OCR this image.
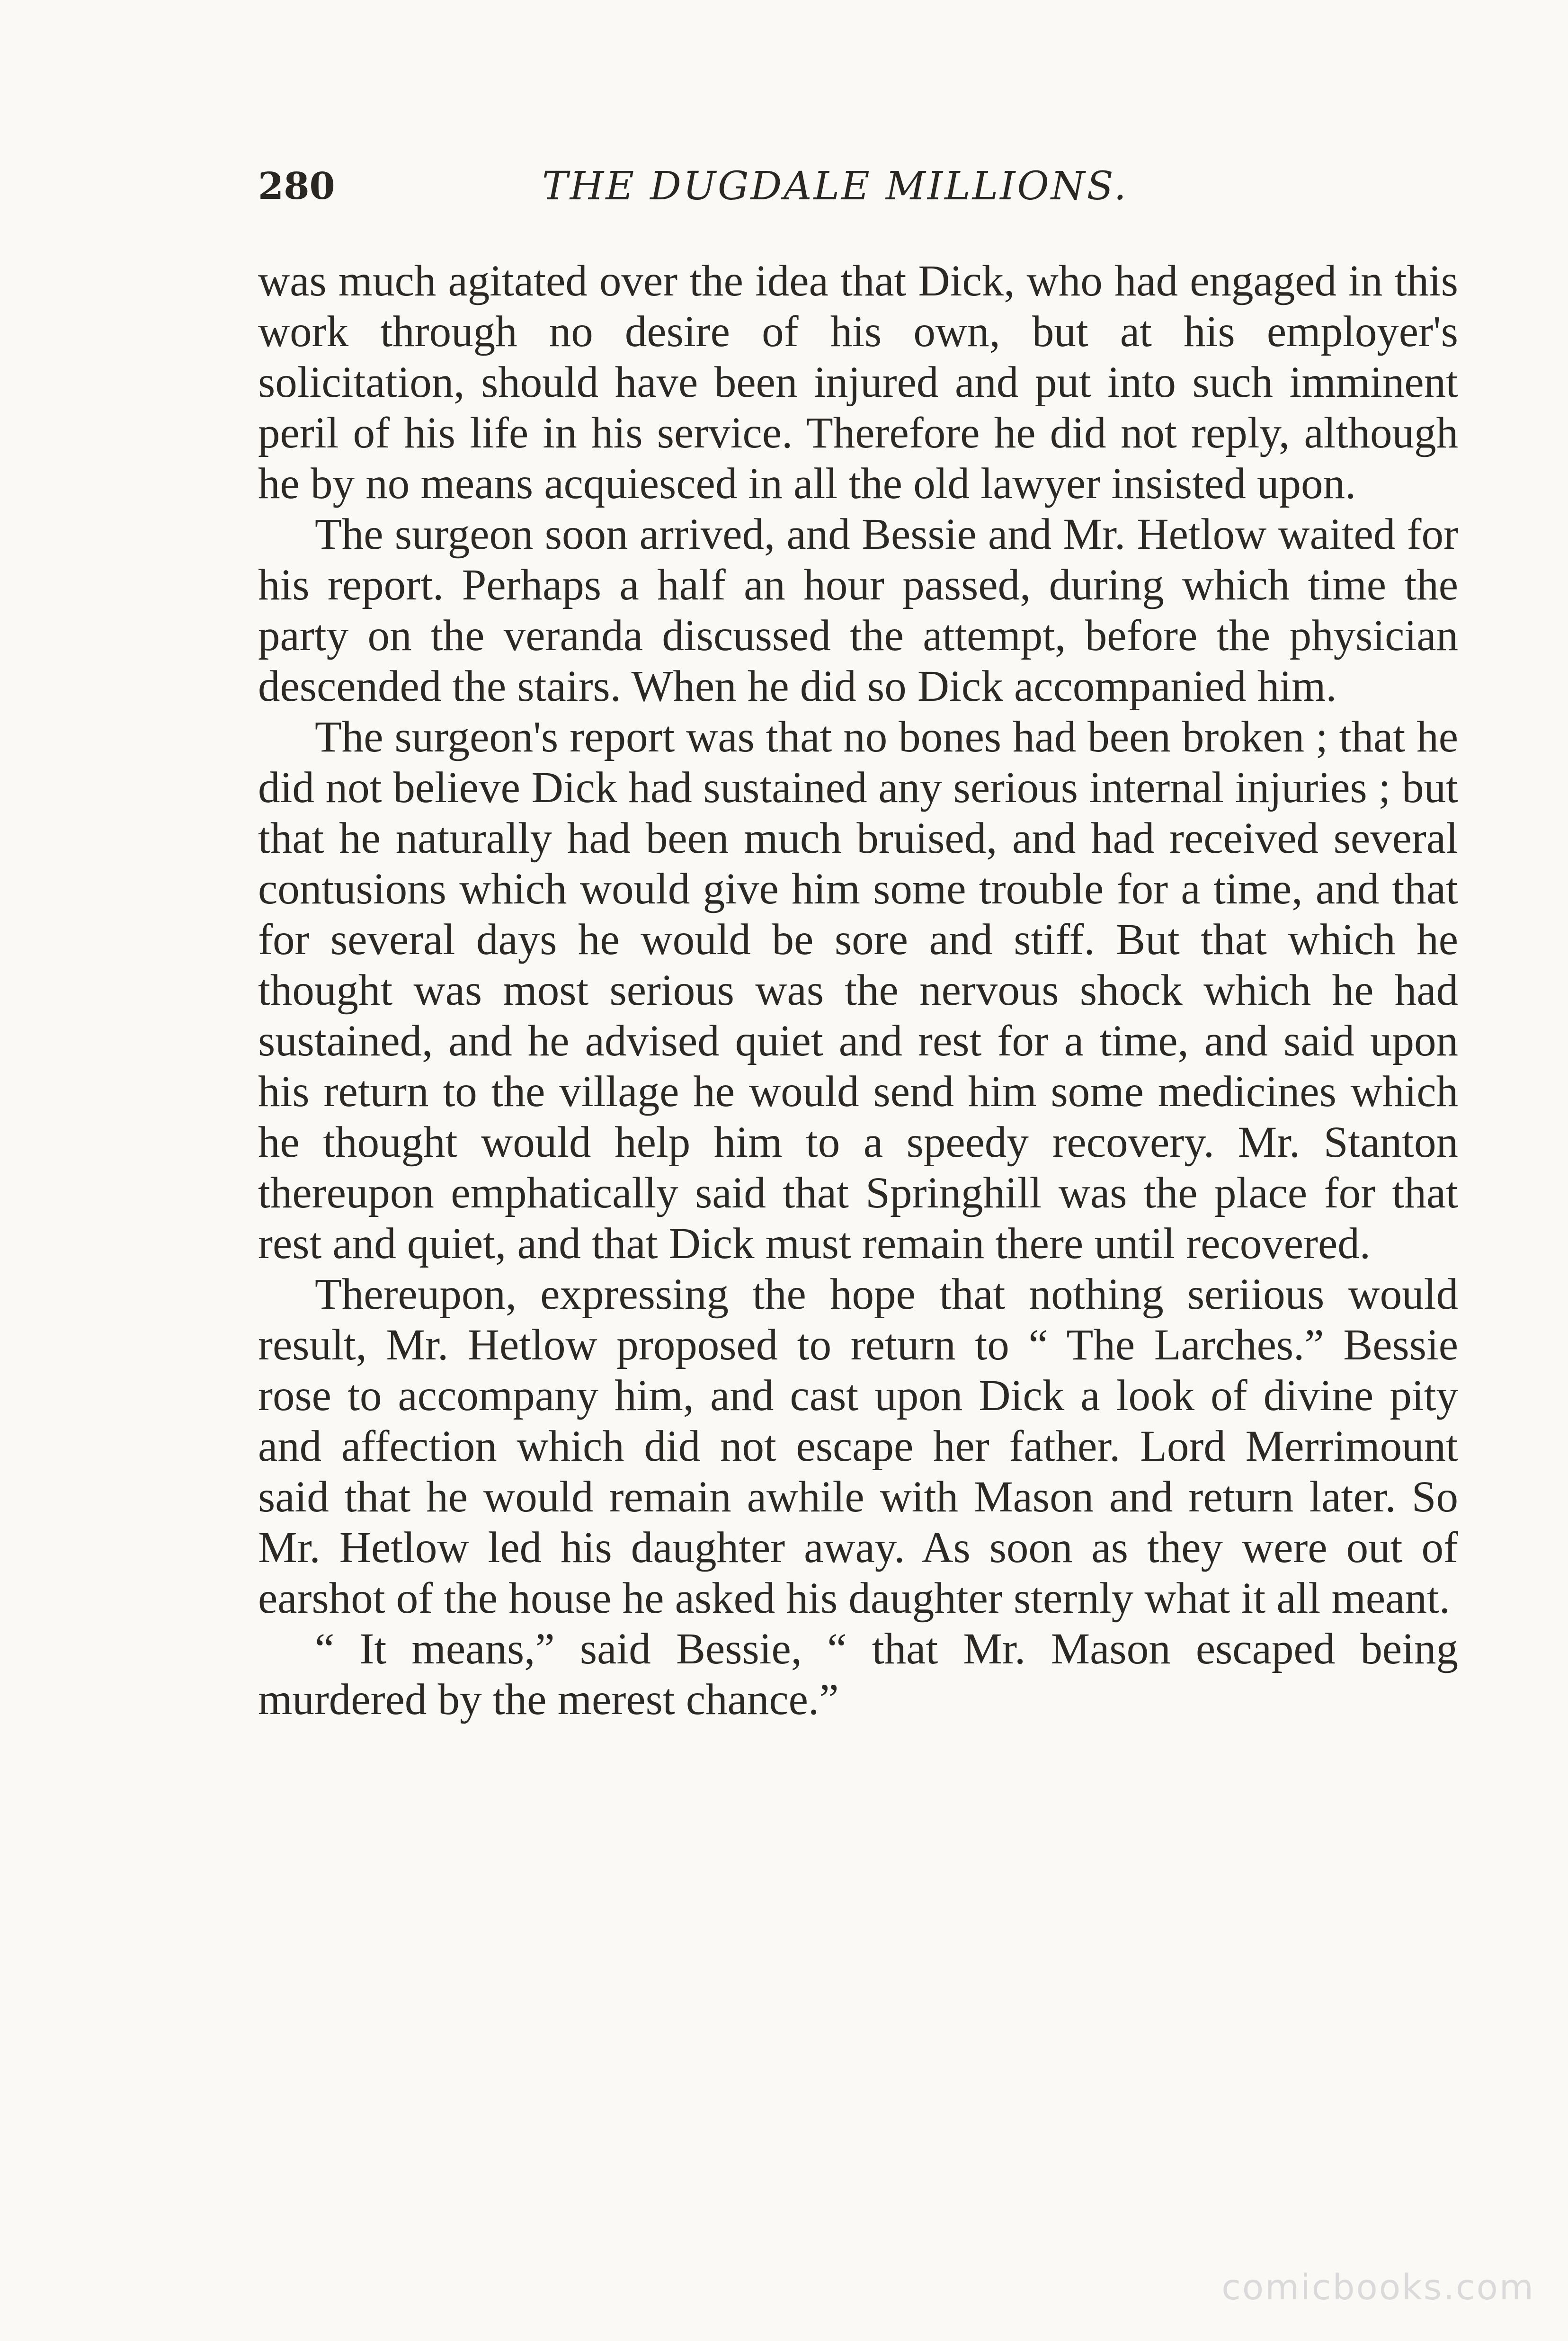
280	THE DUGDALE MILLIONS.

was much agitated over the idea that Dick, who had engaged in this work through no desire of his own, but at his employer's solicitation, should have been injured and put into such imminent peril of his life in his service. Therefore he did not reply, although he by no means acquiesced in all the old lawyer insisted upon.

The surgeon soon arrived, and Bessie and Mr. Hetlow waited for his report. Perhaps a half an hour passed, during which time the party on the veranda discussed the attempt, before the physician descended the stairs. When he did so Dick accompanied him.

The surgeon's report was that no bones had been broken ; that he did not believe Dick had sustained any serious internal injuries ; but that he naturally had been much bruised, and had received several contusions which would give him some trouble for a time, and that for several days he would be sore and stiff. But that which he thought was most serious was the nervous shock which he had sustained, and he advised quiet and rest for a time, and said upon his return to the village he would send him some medicines which he thought would help him to a speedy recovery. Mr. Stanton thereupon emphatically said that Springhill was the place for that rest and quiet, and that Dick must remain there until recovered.

Thereupon, expressing the hope that nothing seriious would result, Mr. Hetlow proposed to return to “ The Larches.” Bessie rose to accompany him, and cast upon Dick a look of divine pity and affection which did not escape her father. Lord Merrimount said that he would remain awhile with Mason and return later. So Mr. Hetlow led his daughter away. As soon as they were out of earshot of the house he asked his daughter sternly what it all meant.

“ It means,” said Bessie, “ that Mr. Mason escaped being murdered by the merest chance.”

comicbooks.com
